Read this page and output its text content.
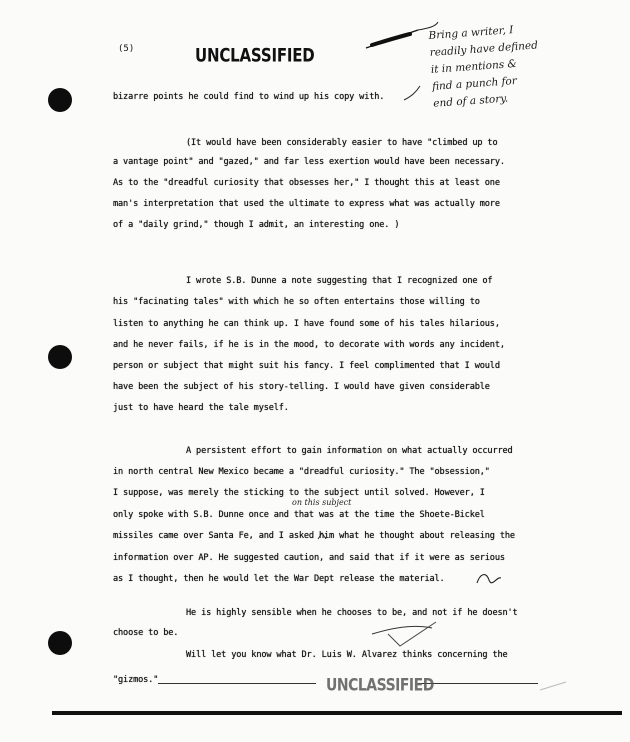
(5)	UNCLASSIFIED
Bring a writer, I
readily have defined
it in mentions &
find a punch for
end of a story.
on this subject
bizarre points he could find to wind up his copy with.
(It would have been considerably easier to have "climbed up to
a vantage point" and "gazed," and far less exertion would have been necessary.
As to the "dreadful curiosity that obsesses her," I thought this at least one
man's interpretation that used the ultimate to express what was actually more
of a "daily grind," though I admit, an interesting one. )
I wrote S.B. Dunne a note suggesting that I recognized one of
his "facinating tales" with which he so often entertains those willing to
listen to anything he can think up. I have found some of his tales hilarious,
and he never fails, if he is in the mood, to decorate with words any incident,
person or subject that might suit his fancy. I feel complimented that I would
have been the subject of his story-telling. I would have given considerable
just to have heard the tale myself.
A persistent effort to gain information on what actually occurred
in north central New Mexico became a "dreadful curiosity." The "obsession,"
I suppose, was merely the sticking to the subject until solved. However, I
only spoke with S.B. Dunne once and that was at the time the Shoete-Bickel
missiles came over Santa Fe, and I asked him what he thought about releasing the
information over AP. He suggested caution, and said that if it were as serious
as I thought, then he would let the War Dept release the material.
He is highly sensible when he chooses to be, and not if he doesn't
choose to be.
Will let you know what Dr. Luis W. Alvarez thinks concerning the
"gizmos."	UNCLASSIFIED
